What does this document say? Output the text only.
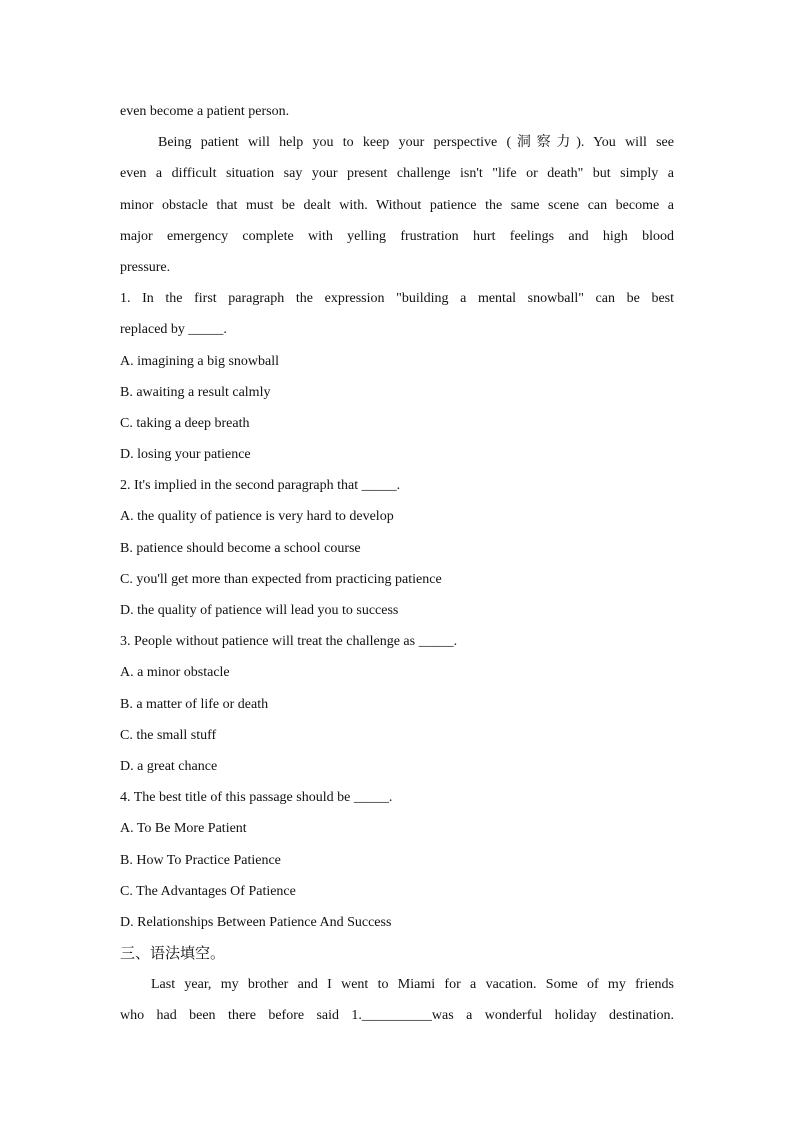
even become a patient person.
Being patient will help you to keep your perspective (洞察力). You will see
even a difficult situation say your present challenge isn't "life or death" but simply a
minor obstacle that must be dealt with. Without patience the same scene can become a
major emergency complete with yelling frustration hurt feelings and high blood
pressure.
1. In the first paragraph the expression "building a mental snowball" can be best
replaced by _____.
A. imagining a big snowball
B. awaiting a result calmly
C. taking a deep breath
D. losing your patience
2. It's implied in the second paragraph that _____.
A. the quality of patience is very hard to develop
B. patience should become a school course
C. you'll get more than expected from practicing patience
D. the quality of patience will lead you to success
3. People without patience will treat the challenge as _____.
A. a minor obstacle
B. a matter of life or death
C. the small stuff
D. a great chance
4. The best title of this passage should be _____.
A. To Be More Patient
B. How To Practice Patience
C. The Advantages Of Patience
D. Relationships Between Patience And Success
三、语法填空。
Last year, my brother and I went to Miami for a vacation. Some of my friends
who had been there before said 1.__________was a wonderful holiday destination.
